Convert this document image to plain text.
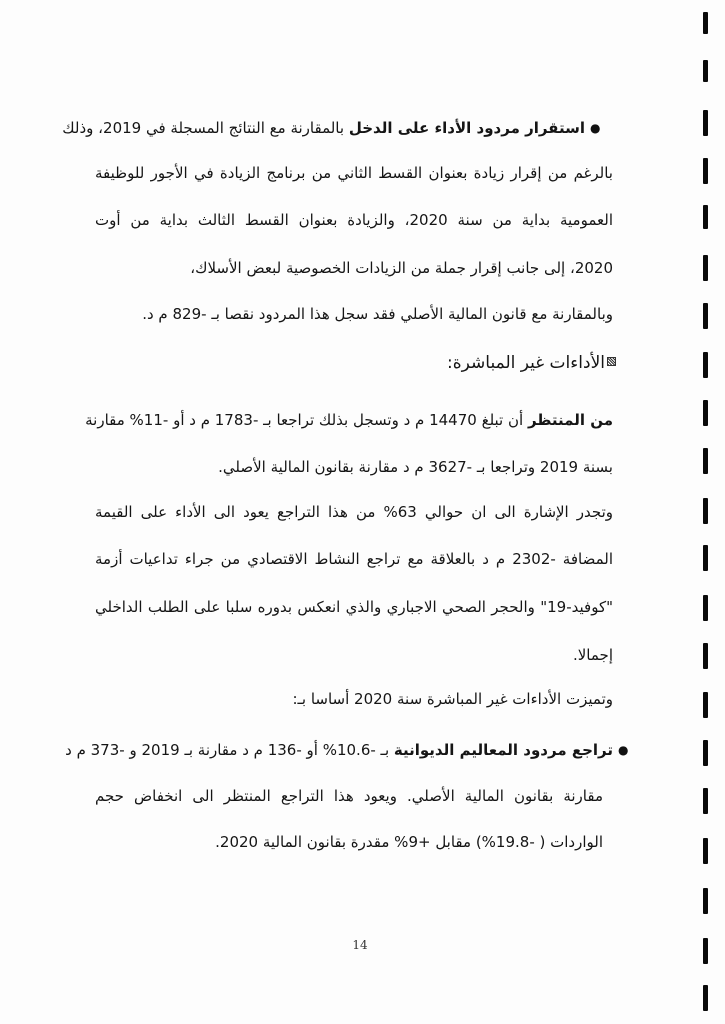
●
استقرار مردود الأداء على الدخل بالمقارنة مع النتائج المسجلة في 2019، وذلك
بالرغم من إقرار زيادة بعنوان القسط الثاني من برنامج الزيادة في الأجور للوظيفة
العمومية بداية من سنة 2020، والزيادة بعنوان القسط الثالث بداية من أوت
2020، إلى جانب إقرار جملة من الزيادات الخصوصية لبعض الأسلاك،
وبالمقارنة مع قانون المالية الأصلي فقد سجل هذا المردود نقصا بـ -829 م د.
الأداءات غير المباشرة:
من المنتظر أن تبلغ 14470 م د وتسجل بذلك تراجعا بـ -1783 م د أو -11% مقارنة
بسنة 2019 وتراجعا بـ -3627 م د مقارنة بقانون المالية الأصلي.
وتجدر الإشارة الى ان حوالي 63% من هذا التراجع يعود الى الأداء على القيمة
المضافة -2302 م د بالعلاقة مع تراجع النشاط الاقتصادي من جراء تداعيات أزمة
"كوفيد-19" والحجر الصحي الاجباري والذي انعكس بدوره سلبا على الطلب الداخلي
إجمالا.
وتميزت الأداءات غير المباشرة سنة 2020 أساسا بـ:
●
تراجع مردود المعاليم الديوانية بـ -10.6% أو -136 م د مقارنة بـ 2019 و -373 م د
مقارنة بقانون المالية الأصلي. ويعود هذا التراجع المنتظر الى انخفاض حجم
الواردات ( -19.8%) مقابل +9% مقدرة بقانون المالية 2020.
14
